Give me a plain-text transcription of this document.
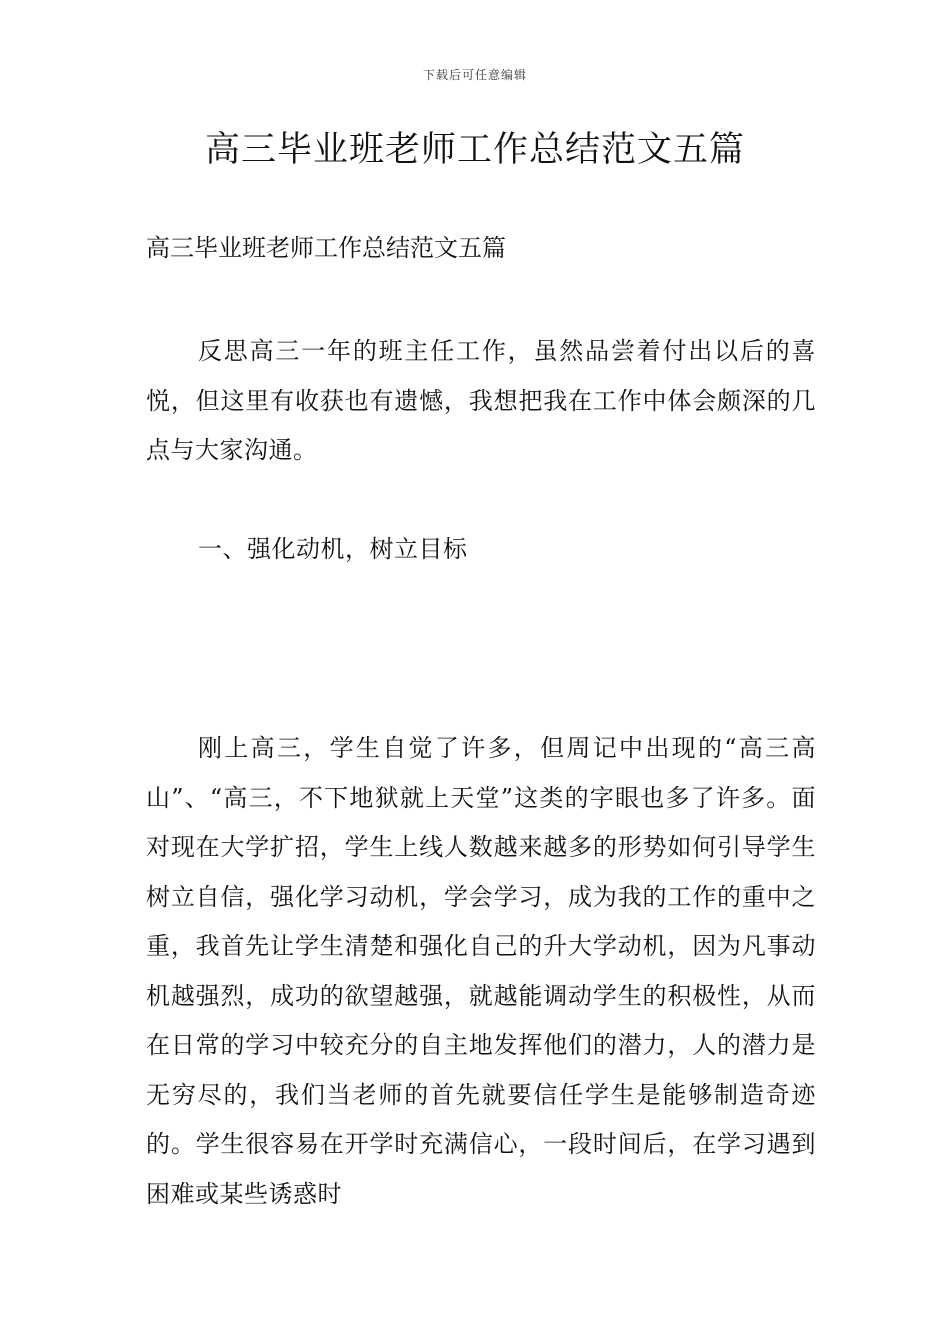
下载后可任意编辑
高三毕业班老师工作总结范文五篇

高三毕业班老师工作总结范文五篇

反思高三一年的班主任工作，虽然品尝着付出以后的喜悦，但这里有收获也有遗憾，我想把我在工作中体会颇深的几点与大家沟通。

一、强化动机，树立目标

刚上高三，学生自觉了许多，但周记中出现的“高三高山”、“高三，不下地狱就上天堂”这类的字眼也多了许多。面对现在大学扩招，学生上线人数越来越多的形势如何引导学生树立自信，强化学习动机，学会学习，成为我的工作的重中之重，我首先让学生清楚和强化自己的升大学动机，因为凡事动机越强烈，成功的欲望越强，就越能调动学生的积极性，从而在日常的学习中较充分的自主地发挥他们的潜力，人的潜力是无穷尽的，我们当老师的首先就要信任学生是能够制造奇迹的。学生很容易在开学时充满信心，一段时间后，在学习遇到困难或某些诱惑时
